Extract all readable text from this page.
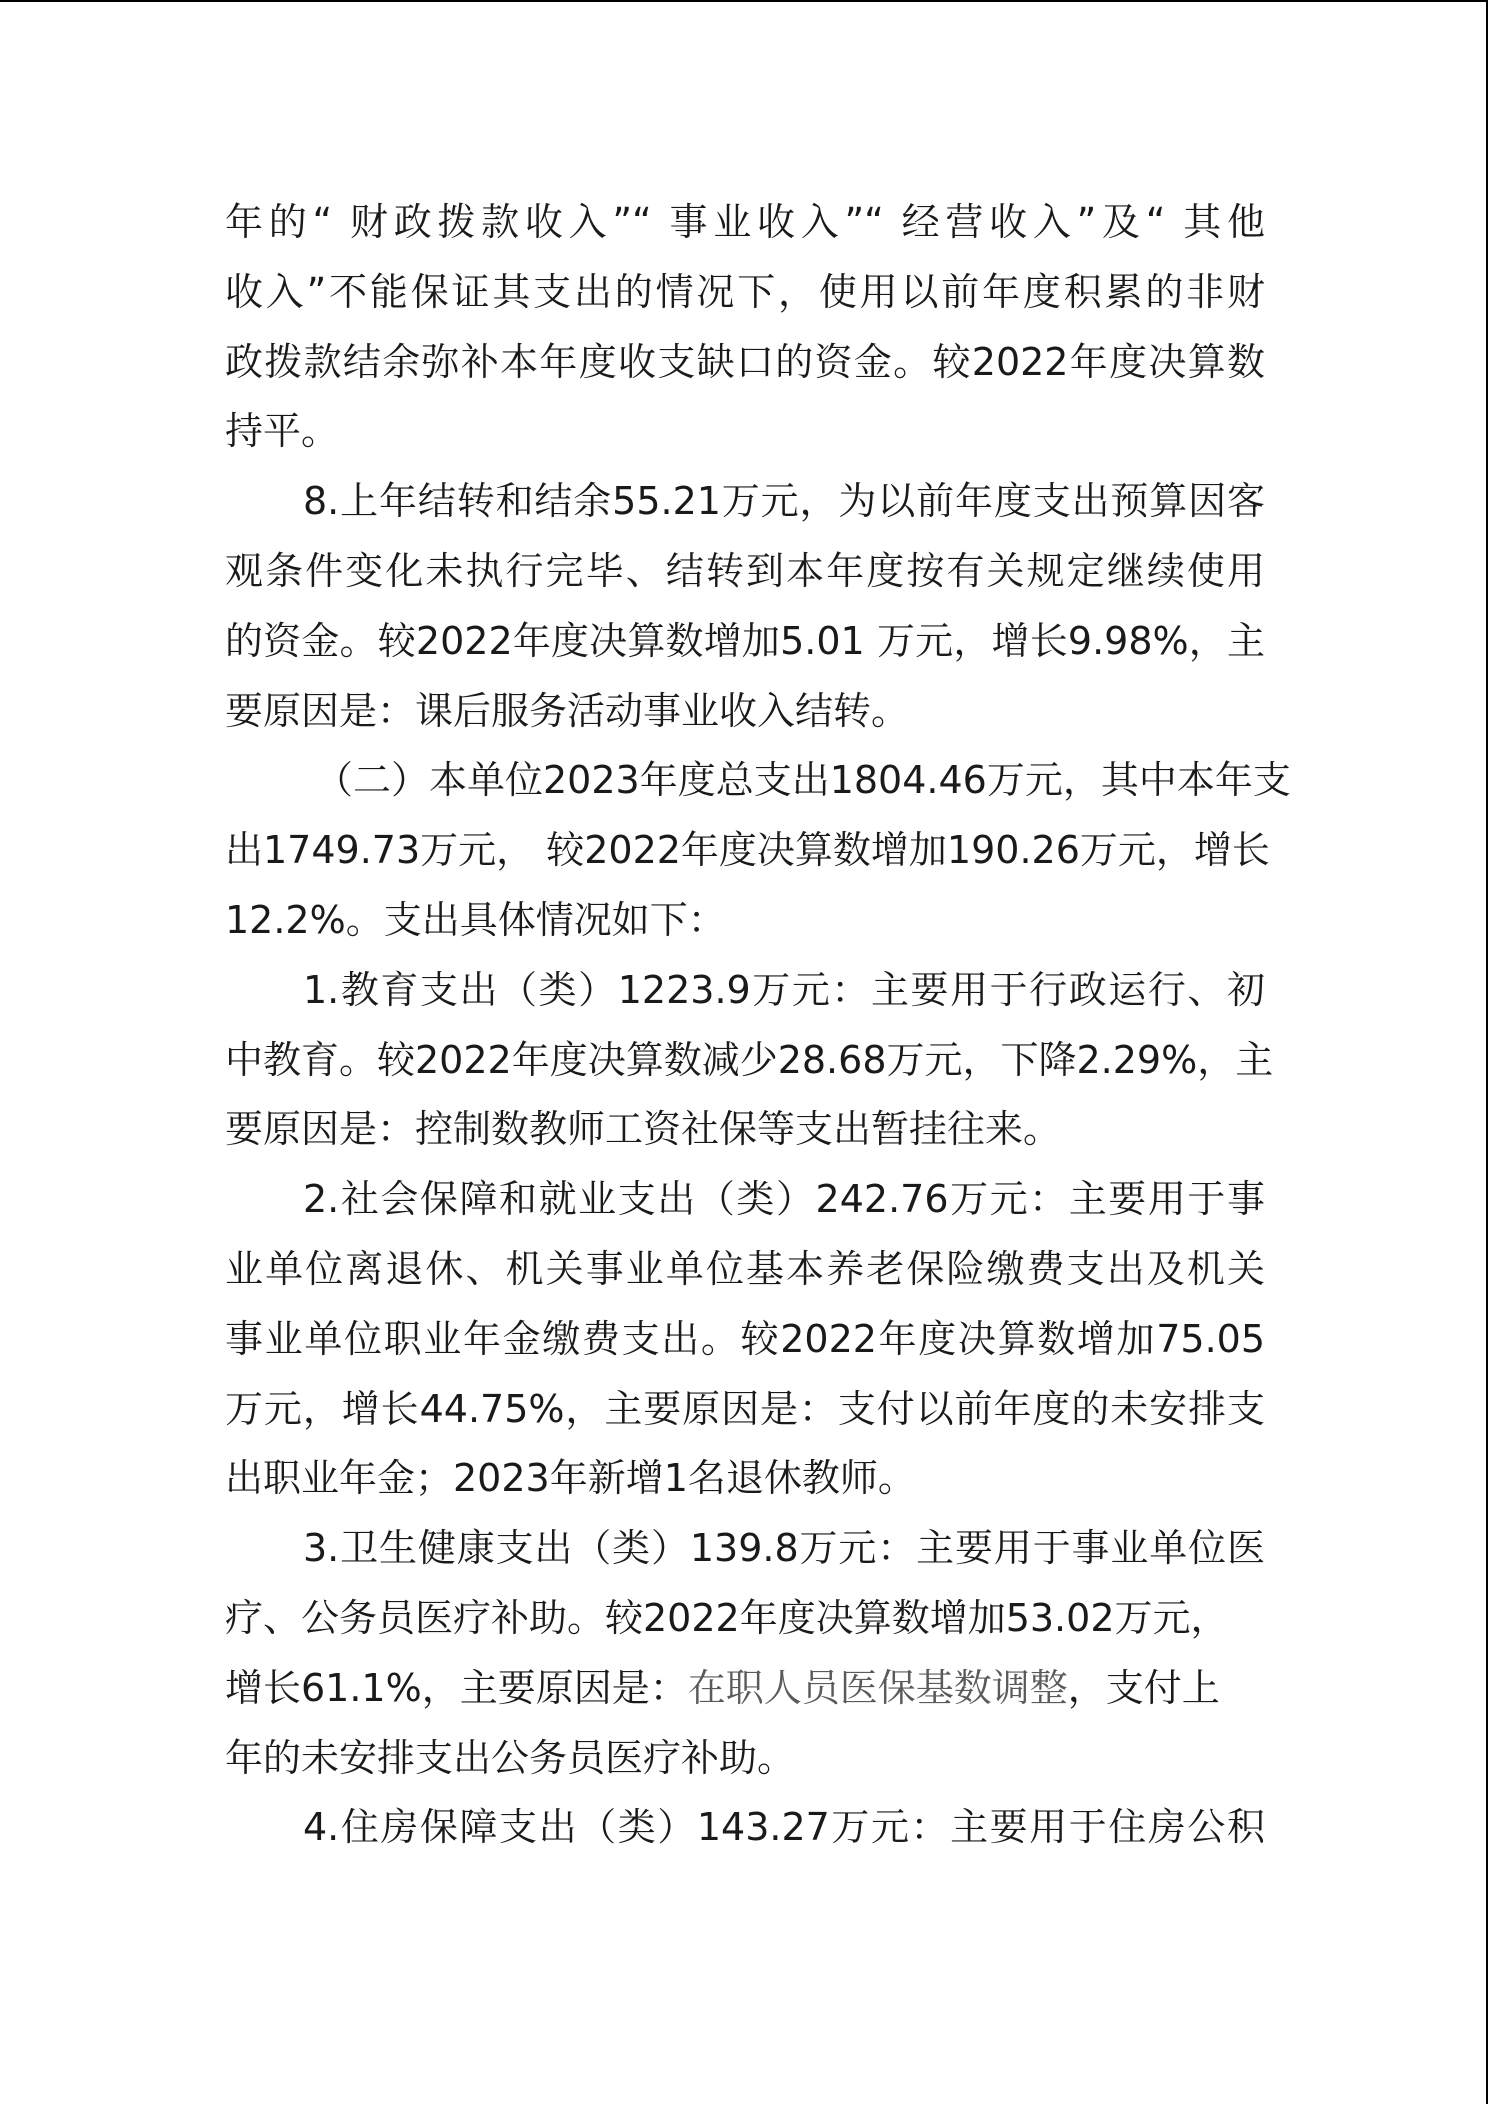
年的“ 财政拨款收入”“ 事业收入”“ 经营收入”及“ 其他
收入”不能保证其支出的情况下，使用以前年度积累的非财
政拨款结余弥补本年度收支缺口的资金。较2022年度决算数
持平。
8.上年结转和结余55.21万元，为以前年度支出预算因客
观条件变化未执行完毕、结转到本年度按有关规定继续使用
的资金。较2022年度决算数增加5.01 万元，增长9.98%，主
要原因是：课后服务活动事业收入结转。
（二）本单位2023年度总支出1804.46万元，其中本年支
出1749.73万元， 较2022年度决算数增加190.26万元，增长
12.2%。支出具体情况如下：
1.教育支出（类）1223.9万元：主要用于行政运行、初
中教育。较2022年度决算数减少28.68万元，下降2.29%，主
要原因是：控制数教师工资社保等支出暂挂往来。
2.社会保障和就业支出（类）242.76万元：主要用于事
业单位离退休、机关事业单位基本养老保险缴费支出及机关
事业单位职业年金缴费支出。较2022年度决算数增加75.05
万元，增长44.75%，主要原因是：支付以前年度的未安排支
出职业年金；2023年新增1名退休教师。
3.卫生健康支出（类）139.8万元：主要用于事业单位医
疗、公务员医疗补助。较2022年度决算数增加53.02万元，
增长61.1%，主要原因是：在职人员医保基数调整，支付上
年的未安排支出公务员医疗补助。
4.住房保障支出（类）143.27万元：主要用于住房公积
